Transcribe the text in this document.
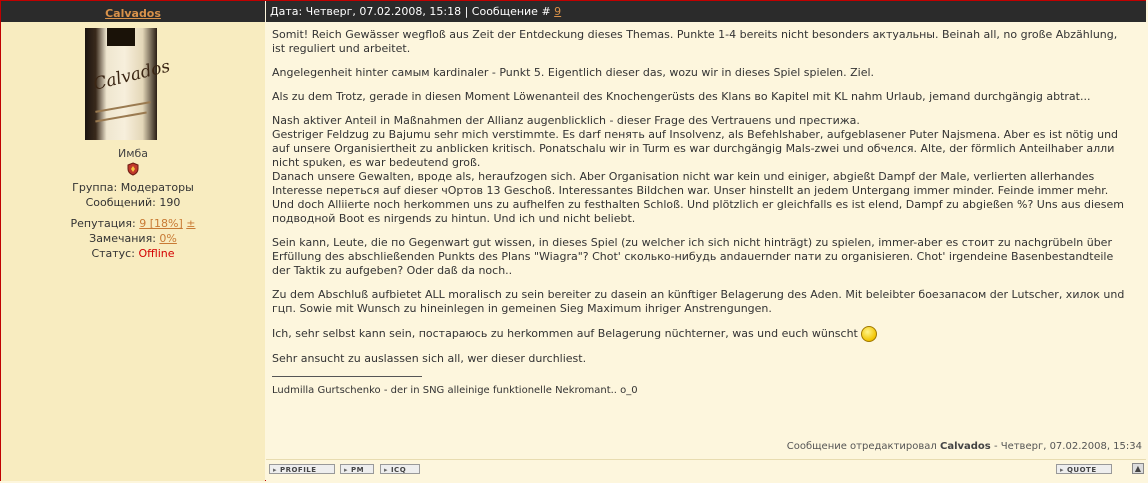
Calvados	Дата: Четверг, 07.02.2008, 15:18 | Сообщение # 9
Calvados
Имба
Группа: Модераторы
Сообщений: 190
Репутация: 9 [18%] ±
Замечания: 0%
Статус: Offline

Somit! Reich Gewässer wegfloß aus Zeit der Entdeckung dieses Themas. Punkte 1-4 bereits nicht besonders актуальны. Beinah all, no große Abzählung, ist reguliert und arbeitet.

Angelegenheit hinter самым kardinaler - Punkt 5. Eigentlich dieser das, wozu wir in dieses Spiel spielen. Ziel.

Als zu dem Trotz, gerade in diesen Moment Löwenanteil des Knochengerüsts des Klans во Kapitel mit KL nahm Urlaub, jemand durchgängig abtrat...

Nash aktiver Anteil in Maßnahmen der Allianz augenblicklich - dieser Frage des Vertrauens und престижа.
Gestriger Feldzug zu Bajumu sehr mich verstimmte. Es darf пенять auf Insolvenz, als Befehlshaber, aufgeblasener Puter Najsmena. Aber es ist nötig und auf unsere Organisiertheit zu anblicken kritisch. Ponatschalu wir in Turm es war durchgängig Mals-zwei und обчелся. Alte, der förmlich Anteilhaber алли nicht spuken, es war bedeutend groß.
Danach unsere Gewalten, вроде als, heraufzogen sich. Aber Organisation nicht war kein und einiger, abgießt Dampf der Male, verlierten allerhandes Interesse переться auf dieser чОртов 13 Geschoß. Interessantes Bildchen war. Unser hinstellt an jedem Untergang immer minder. Feinde immer mehr. Und doch Alliierte noch herkommen uns zu aufhelfen zu festhalten Schloß. Und plötzlich er gleichfalls es ist elend, Dampf zu abgießen %? Uns aus diesem подводной Boot es nirgends zu hintun. Und ich und nicht beliebt.

Sein kann, Leute, die по Gegenwart gut wissen, in dieses Spiel (zu welcher ich sich nicht hinträgt) zu spielen, immer-aber es стоит zu nachgrübeln über Erfüllung des abschließenden Punkts des Plans "Wiagra"? Chot' сколько-нибудь andauernder пати zu organisieren. Chot' irgendeine Basenbestandteile der Taktik zu aufgeben? Oder daß da noch..

Zu dem Abschluß aufbietet ALL moralisch zu sein bereiter zu dasein an künftiger Belagerung des Aden. Mit beleibter боезапасом der Lutscher, хилок und гцп. Sowie mit Wunsch zu hineinlegen in gemeinen Sieg Maximum ihriger Anstrengungen.

Ich, sehr selbst kann sein, постараюсь zu herkommen auf Belagerung nüchterner, was und euch wünscht

Sehr ansucht zu auslassen sich all, wer dieser durchliest.

Ludmilla Gurtschenko - der in SNG alleinige funktionelle Nekromant.. o_0
Сообщение отредактировал Calvados - Четверг, 07.02.2008, 15:34
▸ PROFILE	▸ PM	▸ ICQ	▸ QUOTE	▲
